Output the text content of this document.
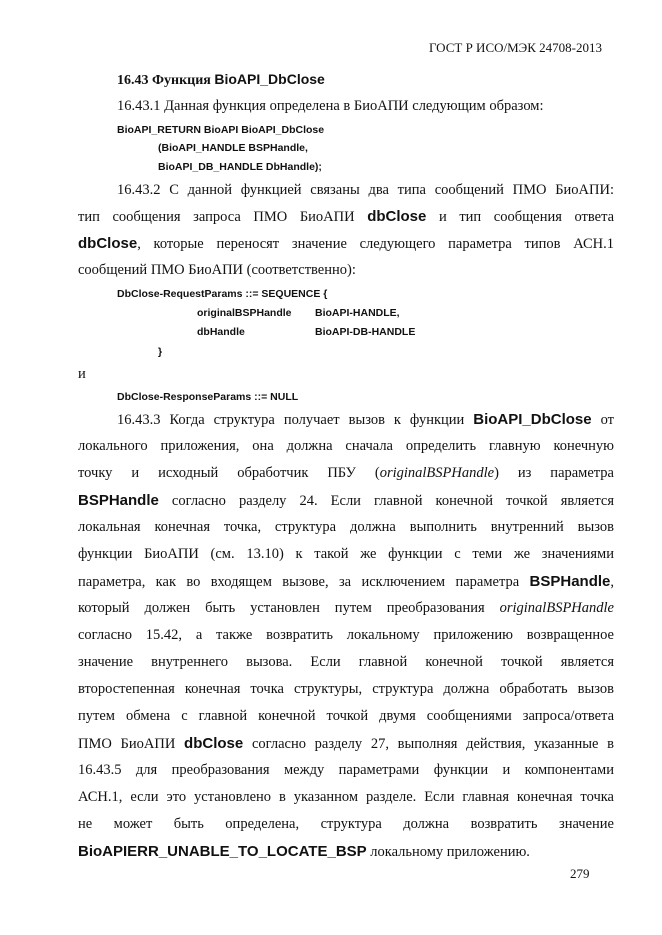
ГОСТ Р ИСО/МЭК 24708-2013
16.43 Функция BioAPI_DbClose
16.43.1 Данная функция определена в БиоАПИ следующим образом:
BioAPI_RETURN BioAPI BioAPI_DbClose
(BioAPI_HANDLE BSPHandle,
BioAPI_DB_HANDLE DbHandle);
16.43.2 С данной функцией связаны два типа сообщений ПМО БиоАПИ:
тип сообщения запроса ПМО БиоАПИ dbClose и тип сообщения ответа
dbClose, которые переносят значение следующего параметра типов АСН.1
сообщений ПМО БиоАПИ (соответственно):
DbClose-RequestParams ::= SEQUENCE {
originalBSPHandle BioAPI-HANDLE,
dbHandle	BioAPI-DB-HANDLE
}
и
DbClose-ResponseParams ::= NULL
16.43.3 Когда структура получает вызов к функции BioAPI_DbClose от
локального приложения, она должна сначала определить главную конечную
точку и исходный обработчик ПБУ (originalBSPHandle) из параметра
BSPHandle согласно разделу 24. Если главной конечной точкой является
локальная конечная точка, структура должна выполнить внутренний вызов
функции БиоАПИ (см. 13.10) к такой же функции с теми же значениями
параметра, как во входящем вызове, за исключением параметра BSPHandle,
который должен быть установлен путем преобразования originalBSPHandle
согласно 15.42, а также возвратить локальному приложению возвращенное
значение внутреннего вызова. Если главной конечной точкой является
второстепенная конечная точка структуры, структура должна обработать вызов
путем обмена с главной конечной точкой двумя сообщениями запроса/ответа
ПМО БиоАПИ dbClose согласно разделу 27, выполняя действия, указанные в
16.43.5 для преобразования между параметрами функции и компонентами
АСН.1, если это установлено в указанном разделе. Если главная конечная точка
не может быть определена, структура должна возвратить значение
BioAPIERR_UNABLE_TO_LOCATE_BSP локальному приложению.
279
